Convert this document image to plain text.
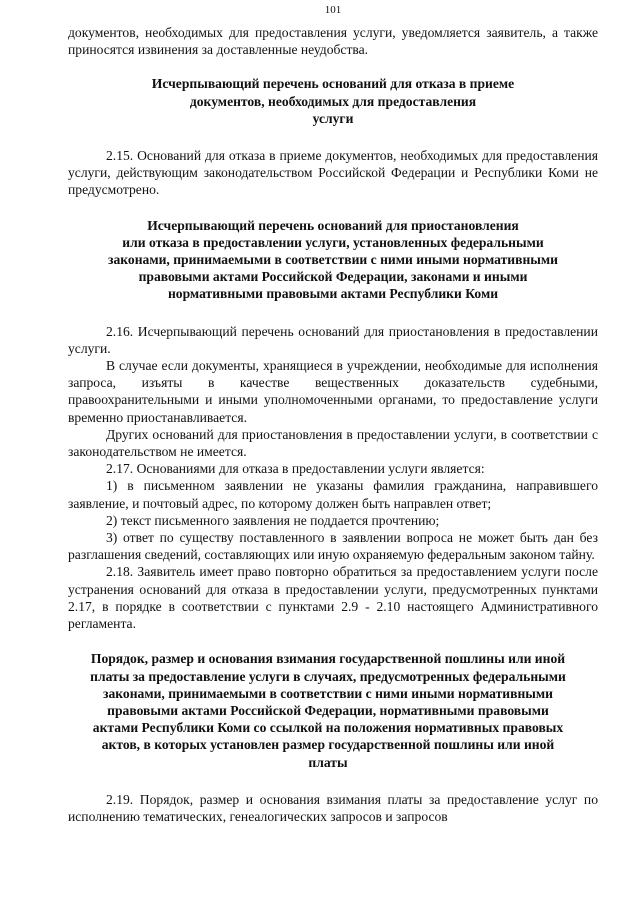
101

документов, необходимых для предоставления услуги, уведомляется заявитель, а также приносятся извинения за доставленные неудобства.

Исчерпывающий перечень оснований для отказа в приеме
документов, необходимых для предоставления
услуги

2.15. Оснований для отказа в приеме документов, необходимых для предоставления услуги, действующим законодательством Российской Федерации и Республики Коми не предусмотрено.

Исчерпывающий перечень оснований для приостановления
или отказа в предоставлении услуги, установленных федеральными
законами, принимаемыми в соответствии с ними иными нормативными
правовыми актами Российской Федерации, законами и иными
нормативными правовыми актами Республики Коми

2.16. Исчерпывающий перечень оснований для приостановления в предоставлении услуги.

В случае если документы, хранящиеся в учреждении, необходимые для исполнения запроса, изъяты в качестве вещественных доказательств судебными, правоохранительными и иными уполномоченными органами, то предоставление услуги временно приостанавливается.

Других оснований для приостановления в предоставлении услуги, в соответствии с законодательством не имеется.

2.17. Основаниями для отказа в предоставлении услуги является:

1) в письменном заявлении не указаны фамилия гражданина, направившего заявление, и почтовый адрес, по которому должен быть направлен ответ;

2) текст письменного заявления не поддается прочтению;

3) ответ по существу поставленного в заявлении вопроса не может быть дан без разглашения сведений, составляющих или иную охраняемую федеральным законом тайну.

2.18. Заявитель имеет право повторно обратиться за предоставлением услуги после устранения оснований для отказа в предоставлении услуги, предусмотренных пунктами 2.17, в порядке в соответствии с пунктами 2.9 - 2.10 настоящего Административного регламента.

Порядок, размер и основания взимания государственной пошлины или иной
платы за предоставление услуги в случаях, предусмотренных федеральными
законами, принимаемыми в соответствии с ними иными нормативными
правовыми актами Российской Федерации, нормативными правовыми
актами Республики Коми со ссылкой на положения нормативных правовых
актов, в которых установлен размер государственной пошлины или иной
платы

2.19. Порядок, размер и основания взимания платы за предоставление услуг по исполнению тематических, генеалогических запросов и запросов
